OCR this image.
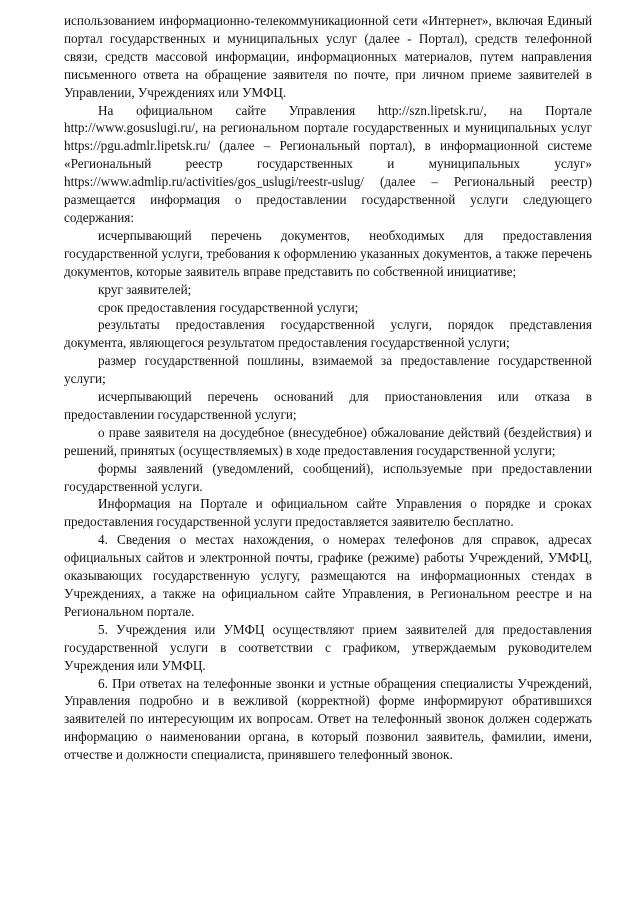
использованием информационно-телекоммуникационной сети «Интернет», включая Единый портал государственных и муниципальных услуг (далее - Портал), средств телефонной связи, средств массовой информации, информационных материалов, путем направления письменного ответа на обращение заявителя по почте, при личном приеме заявителей в Управлении, Учреждениях или УМФЦ.

На официальном сайте Управления http://szn.lipetsk.ru/, на Портале http://www.gosuslugi.ru/, на региональном портале государственных и муниципальных услуг https://pgu.admlr.lipetsk.ru/ (далее – Региональный портал), в информационной системе «Региональный реестр государственных и муниципальных услуг» https://www.admlip.ru/activities/gos_uslugi/reestr-uslug/ (далее – Региональный реестр) размещается информация о предоставлении государственной услуги следующего содержания:

исчерпывающий перечень документов, необходимых для предоставления государственной услуги, требования к оформлению указанных документов, а также перечень документов, которые заявитель вправе представить по собственной инициативе;

круг заявителей;

срок предоставления государственной услуги;

результаты предоставления государственной услуги, порядок представления документа, являющегося результатом предоставления государственной услуги;

размер государственной пошлины, взимаемой за предоставление государственной услуги;

исчерпывающий перечень оснований для приостановления или отказа в предоставлении государственной услуги;

о праве заявителя на досудебное (внесудебное) обжалование действий (бездействия) и решений, принятых (осуществляемых) в ходе предоставления государственной услуги;

формы заявлений (уведомлений, сообщений), используемые при предоставлении государственной услуги.

Информация на Портале и официальном сайте Управления о порядке и сроках предоставления государственной услуги предоставляется заявителю бесплатно.

4. Сведения о местах нахождения, о номерах телефонов для справок, адресах официальных сайтов и электронной почты, графике (режиме) работы Учреждений, УМФЦ, оказывающих государственную услугу, размещаются на информационных стендах в Учреждениях, а также на официальном сайте Управления, в Региональном реестре и на Региональном портале.

5. Учреждения или УМФЦ осуществляют прием заявителей для предоставления государственной услуги в соответствии с графиком, утверждаемым руководителем Учреждения или УМФЦ.

6. При ответах на телефонные звонки и устные обращения специалисты Учреждений, Управления подробно и в вежливой (корректной) форме информируют обратившихся заявителей по интересующим их вопросам. Ответ на телефонный звонок должен содержать информацию о наименовании органа, в который позвонил заявитель, фамилии, имени, отчестве и должности специалиста, принявшего телефонный звонок.
